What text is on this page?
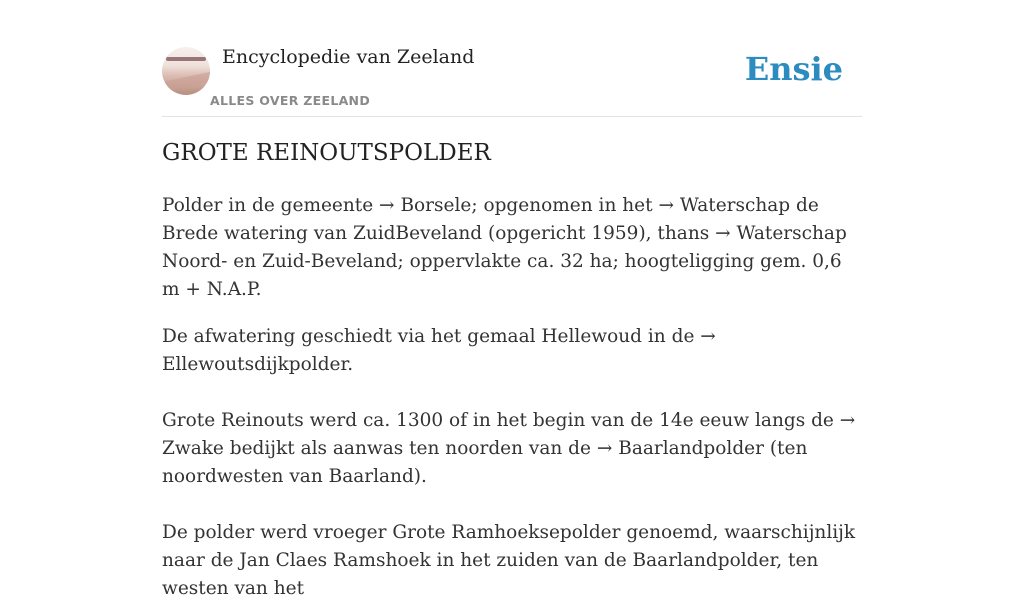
Encyclopedie van Zeeland
ALLES OVER ZEELAND
Ensie
GROTE REINOUTSPOLDER

Polder in de gemeente → Borsele; opgenomen in het → Waterschap de Brede watering van ZuidBeveland (opgericht 1959), thans → Waterschap Noord- en Zuid-Beveland; oppervlakte ca. 32 ha; hoogteligging gem. 0,6 m + N.A.P.

De afwatering geschiedt via het gemaal Hellewoud in de → Ellewoutsdijkpolder.

Grote Reinouts werd ca. 1300 of in het begin van de 14e eeuw langs de → Zwake bedijkt als aanwas ten noorden van de → Baarlandpolder (ten noordwesten van Baarland).

De polder werd vroeger Grote Ramhoeksepolder genoemd, waarschijnlijk naar de Jan Claes Ramshoek in het zuiden van de Baarlandpolder, ten westen van het
